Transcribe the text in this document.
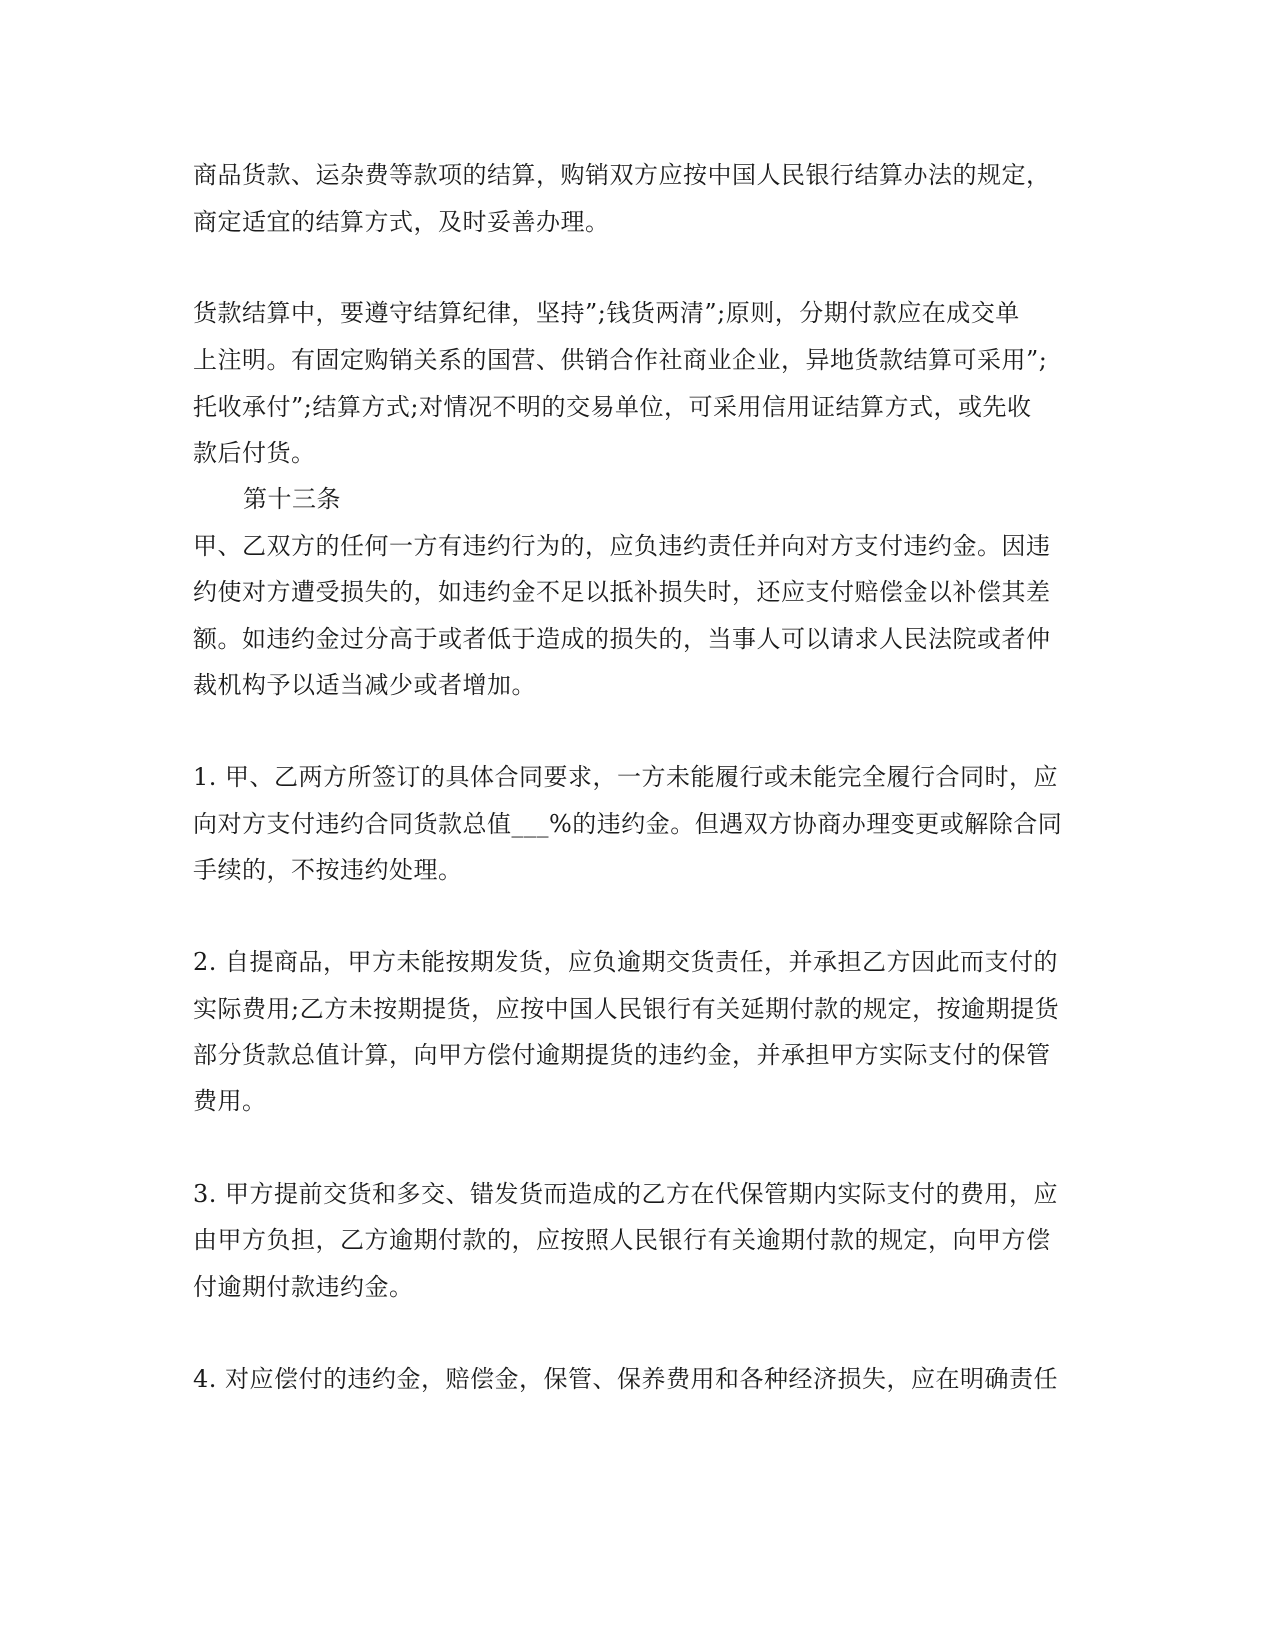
商品货款、运杂费等款项的结算，购销双方应按中国人民银行结算办法的规定，
商定适宜的结算方式，及时妥善办理。
货款结算中，要遵守结算纪律，坚持”;钱货两清”;原则，分期付款应在成交单
上注明。有固定购销关系的国营、供销合作社商业企业，异地货款结算可采用”;
托收承付”;结算方式;对情况不明的交易单位，可采用信用证结算方式，或先收
款后付货。
第十三条
甲、乙双方的任何一方有违约行为的，应负违约责任并向对方支付违约金。因违
约使对方遭受损失的，如违约金不足以抵补损失时，还应支付赔偿金以补偿其差
额。如违约金过分高于或者低于造成的损失的，当事人可以请求人民法院或者仲
裁机构予以适当减少或者增加。
1. 甲、乙两方所签订的具体合同要求，一方未能履行或未能完全履行合同时，应
向对方支付违约合同货款总值___%的违约金。但遇双方协商办理变更或解除合同
手续的，不按违约处理。
2. 自提商品，甲方未能按期发货，应负逾期交货责任，并承担乙方因此而支付的
实际费用;乙方未按期提货，应按中国人民银行有关延期付款的规定，按逾期提货
部分货款总值计算，向甲方偿付逾期提货的违约金，并承担甲方实际支付的保管
费用。
3. 甲方提前交货和多交、错发货而造成的乙方在代保管期内实际支付的费用，应
由甲方负担，乙方逾期付款的，应按照人民银行有关逾期付款的规定，向甲方偿
付逾期付款违约金。
4. 对应偿付的违约金，赔偿金，保管、保养费用和各种经济损失，应在明确责任
